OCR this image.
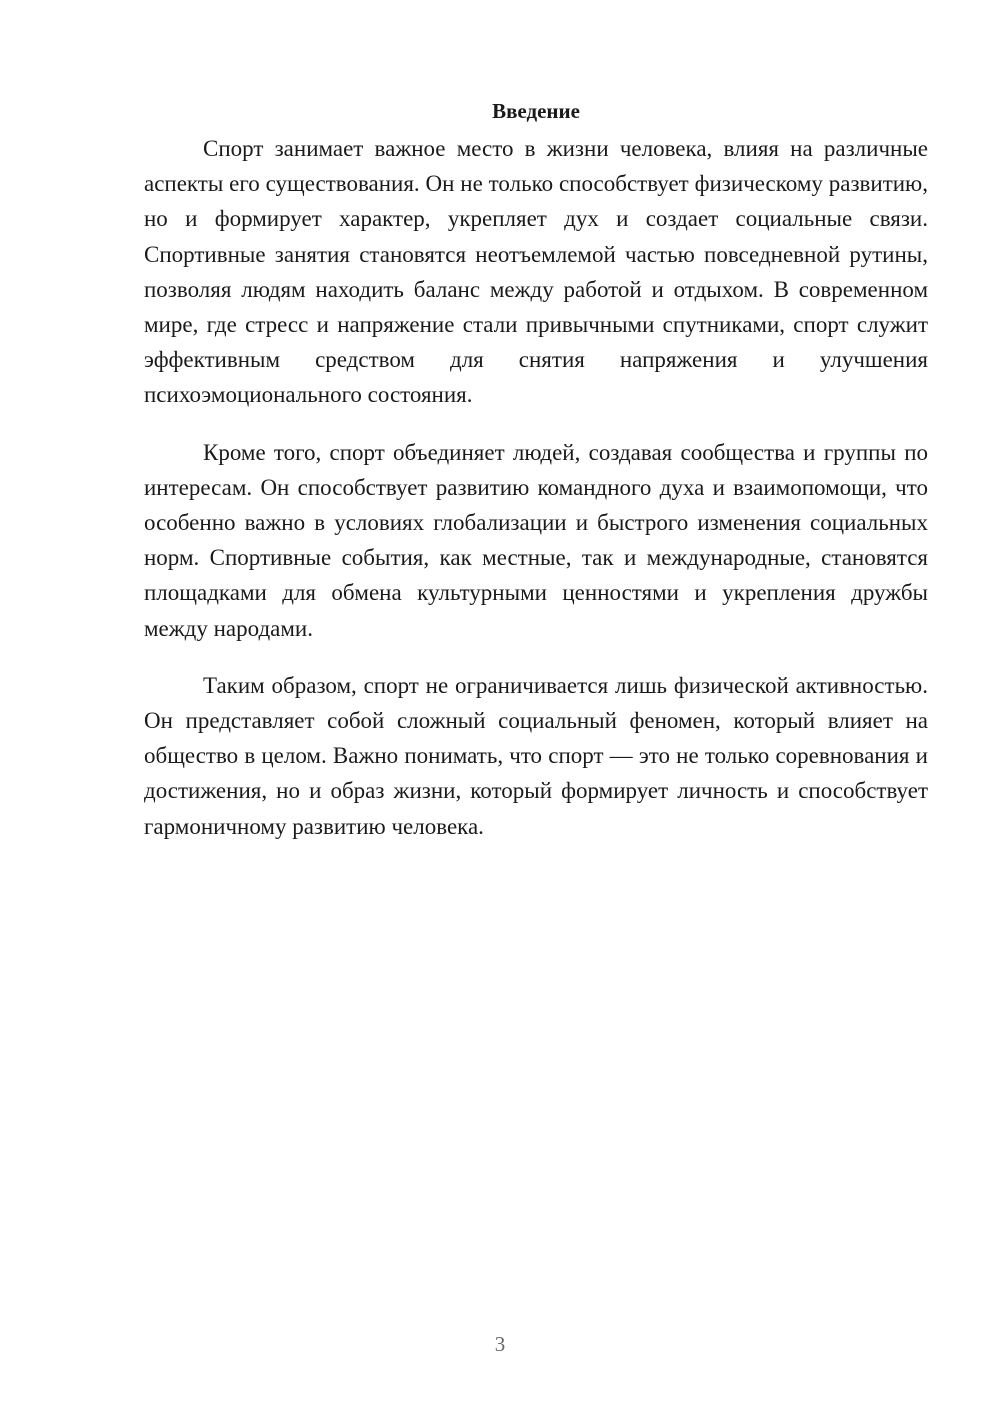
Введение

Спорт занимает важное место в жизни человека, влияя на различные аспекты его существования. Он не только способствует физическому развитию, но и формирует характер, укрепляет дух и создает социальные связи. Спортивные занятия становятся неотъемлемой частью повседневной рутины, позволяя людям находить баланс между работой и отдыхом. В современном мире, где стресс и напряжение стали привычными спутниками, спорт служит эффективным средством для снятия напряжения и улучшения психоэмоционального состояния.

Кроме того, спорт объединяет людей, создавая сообщества и группы по интересам. Он способствует развитию командного духа и взаимопомощи, что особенно важно в условиях глобализации и быстрого изменения социальных норм. Спортивные события, как местные, так и международные, становятся площадками для обмена культурными ценностями и укрепления дружбы между народами.

Таким образом, спорт не ограничивается лишь физической активностью. Он представляет собой сложный социальный феномен, который влияет на общество в целом. Важно понимать, что спорт — это не только соревнования и достижения, но и образ жизни, который формирует личность и способствует гармоничному развитию человека.

3
